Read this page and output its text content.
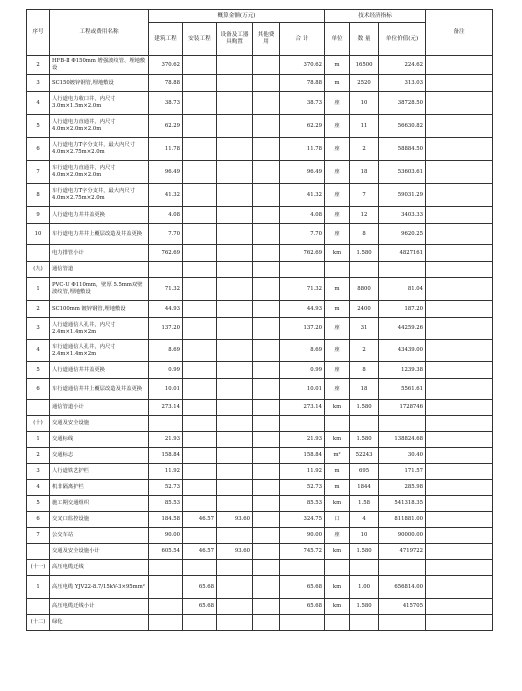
序号	工程或费用名称	概算金额(万元)					技术经济指标			备注
		建筑工程	安装工程	设备及工器具购置	其他费用	合 计	单位	数 量	单位价值(元)	
2	HFB-Ⅱ Φ150mm 增强波纹管、埋地敷设	370.62				370.62	m	16500	224.62	
3	SC150镀锌钢管,埋地敷设	78.88				78.88	m	2520	313.03	
4	人行道电力收口井，内尺寸3.0m×1.5m×2.0m	38.73				38.73	座	10	38728.50	
5	人行道电力直通井，内尺寸4.0m×2.0m×2.0m	62.29				62.29	座	11	56630.82	
6	人行道电力T字分支井，最大内尺寸 4.0m×2.75m×2.0m	11.78				11.78	座	2	58884.50	
7	车行道电力直通井，内尺寸4.0m×2.0m×2.0m	96.49				96.49	座	18	53603.61	
8	车行道电力T字分支井，最大内尺寸 4.0m×2.75m×2.0m	41.32				41.32	座	7	59031.29	
9	人行道电力井井盖更换	4.08				4.08	座	12	3403.33	
10	车行道电力井井上覆层改造及井盖更换	7.70				7.70	座	8	9620.25	
	电力排管小计	762.69				762.69	km	1.580	4827161	
(九)	通信管道									
1	PVC-U Φ110mm，壁厚 5.5mm双壁波纹管,埋地敷设	71.32				71.32	m	8800	81.04	
2	SC100mm 镀锌钢管,埋地敷设	44.93				44.93	m	2400	187.20	
3	人行道通信人孔井，内尺寸2.4m×1.4m×2m	137.20				137.20	座	31	44259.26	
4	车行道通信人孔井，内尺寸2.4m×1.4m×2m	8.69				8.69	座	2	43439.00	
5	人行道通信井井盖更换	0.99				0.99	座	8	1239.38	
6	车行道通信井井上覆层改造及井盖更换	10.01				10.01	座	18	5561.61	
	通信管道小计	273.14				273.14	km	1.580	1728746	
(十)	交通及安全设施									
1	交通标线	21.93				21.93	km	1.580	138824.68	
2	交通标志	158.84				158.84	m²	52243	30.40	
3	人行道铁艺护栏	11.92				11.92	m	695	171.57	
4	机非隔离护栏	52.73				52.73	m	1844	285.98	
5	施工期交通组织	85.53				85.53	km	1.58	541318.35	
6	交叉口监控设施	184.58	46.57	93.60		324.75	口	4	811881.00	
7	公交车站	90.00				90.00	座	10	90000.00	
	交通及安全设施小计	605.54	46.57	93.60		745.72	km	1.580	4719722	
(十一)	高压电缆迁线									
1	高压电缆 YJV22-8.7/15kV-3×95mm²		65.68			65.68	km	1.00	656814.00	
	高压电缆迁线小计		65.68			65.68	km	1.580	415705	
(十二)	绿化									
